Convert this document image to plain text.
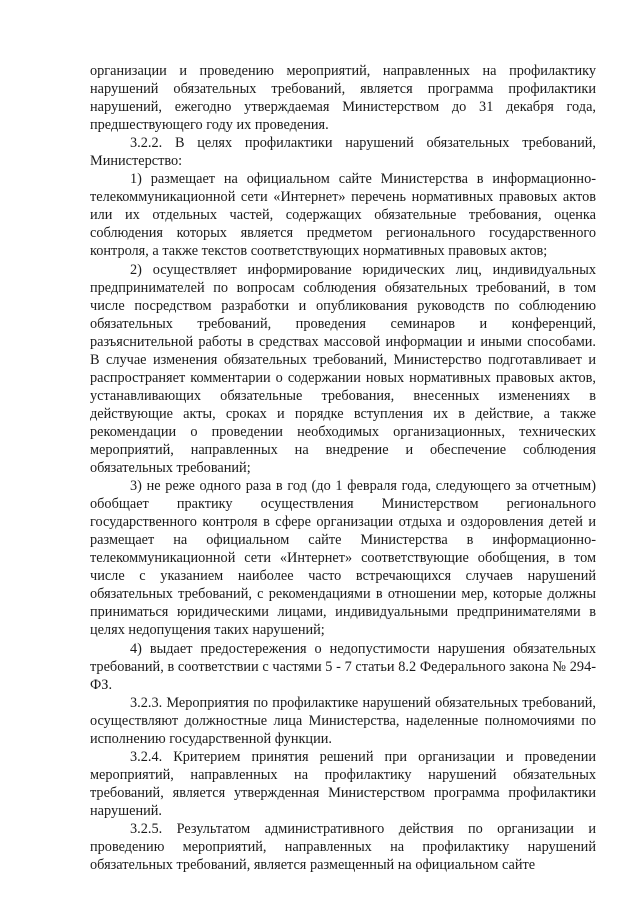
организации и проведению мероприятий, направленных на профилактику нарушений обязательных требований, является программа профилактики нарушений, ежегодно утверждаемая Министерством до 31 декабря года, предшествующего году их проведения.

3.2.2. В целях профилактики нарушений обязательных требований, Министерство:

1) размещает на официальном сайте Министерства в информационно-телекоммуникационной сети «Интернет» перечень нормативных правовых актов или их отдельных частей, содержащих обязательные требования, оценка соблюдения которых является предметом регионального государственного контроля, а также текстов соответствующих нормативных правовых актов;

2) осуществляет информирование юридических лиц, индивидуальных предпринимателей по вопросам соблюдения обязательных требований, в том числе посредством разработки и опубликования руководств по соблюдению обязательных требований, проведения семинаров и конференций, разъяснительной работы в средствах массовой информации и иными способами. В случае изменения обязательных требований, Министерство подготавливает и распространяет комментарии о содержании новых нормативных правовых актов, устанавливающих обязательные требования, внесенных изменениях в действующие акты, сроках и порядке вступления их в действие, а также рекомендации о проведении необходимых организационных, технических мероприятий, направленных на внедрение и обеспечение соблюдения обязательных требований;

3) не реже одного раза в год (до 1 февраля года, следующего за отчетным) обобщает практику осуществления Министерством регионального государственного контроля в сфере организации отдыха и оздоровления детей и размещает на официальном сайте Министерства в информационно-телекоммуникационной сети «Интернет» соответствующие обобщения, в том числе с указанием наиболее часто встречающихся случаев нарушений обязательных требований, с рекомендациями в отношении мер, которые должны приниматься юридическими лицами, индивидуальными предпринимателями в целях недопущения таких нарушений;

4) выдает предостережения о недопустимости нарушения обязательных требований, в соответствии с частями 5 - 7 статьи 8.2 Федерального закона № 294-ФЗ.

3.2.3. Мероприятия по профилактике нарушений обязательных требований, осуществляют должностные лица Министерства, наделенные полномочиями по исполнению государственной функции.

3.2.4. Критерием принятия решений при организации и проведении мероприятий, направленных на профилактику нарушений обязательных требований, является утвержденная Министерством программа профилактики нарушений.

3.2.5. Результатом административного действия по организации и проведению мероприятий, направленных на профилактику нарушений обязательных требований, является размещенный на официальном сайте
